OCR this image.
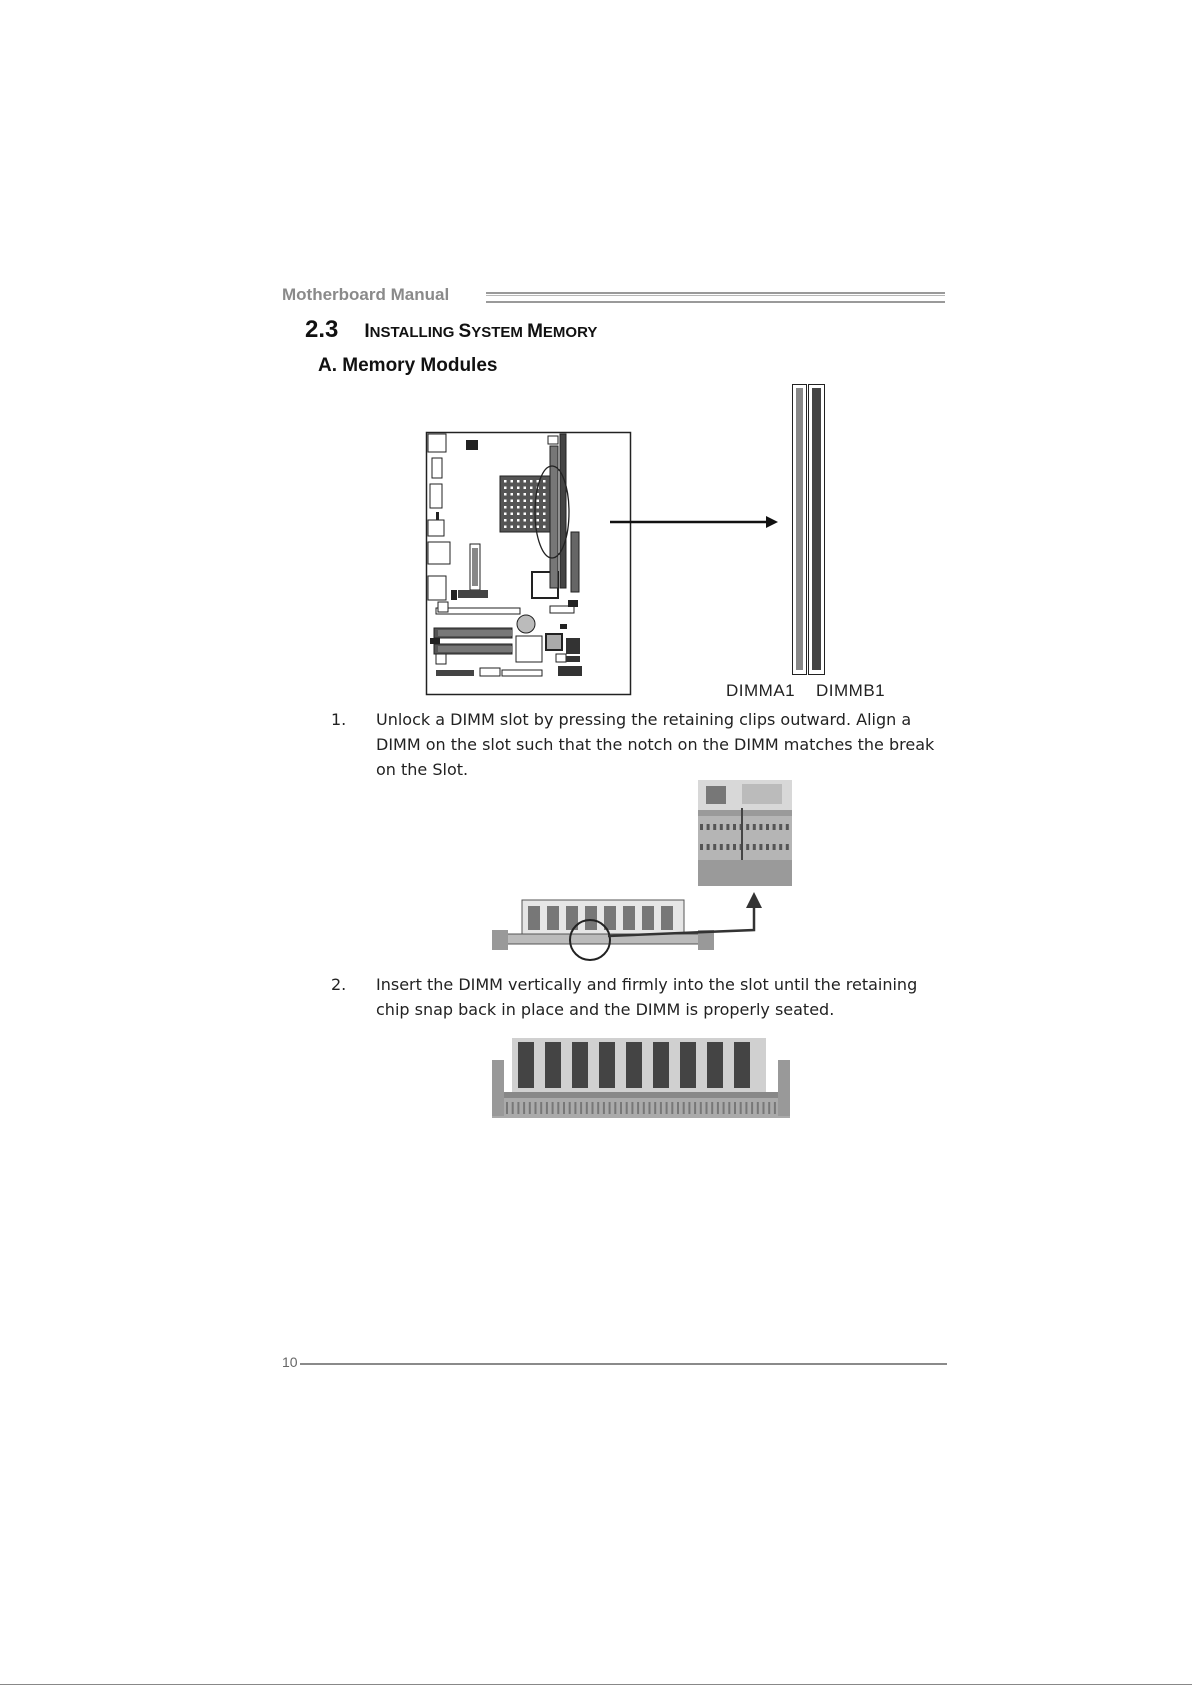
Motherboard Manual
2.3 INSTALLING SYSTEM MEMORY
A. Memory Modules
DIMMA1 DIMMB1
1. Unlock a DIMM slot by pressing the retaining clips outward. Align a DIMM on the slot such that the notch on the DIMM matches the break on the Slot.
2. Insert the DIMM vertically and firmly into the slot until the retaining chip snap back in place and the DIMM is properly seated.
10
